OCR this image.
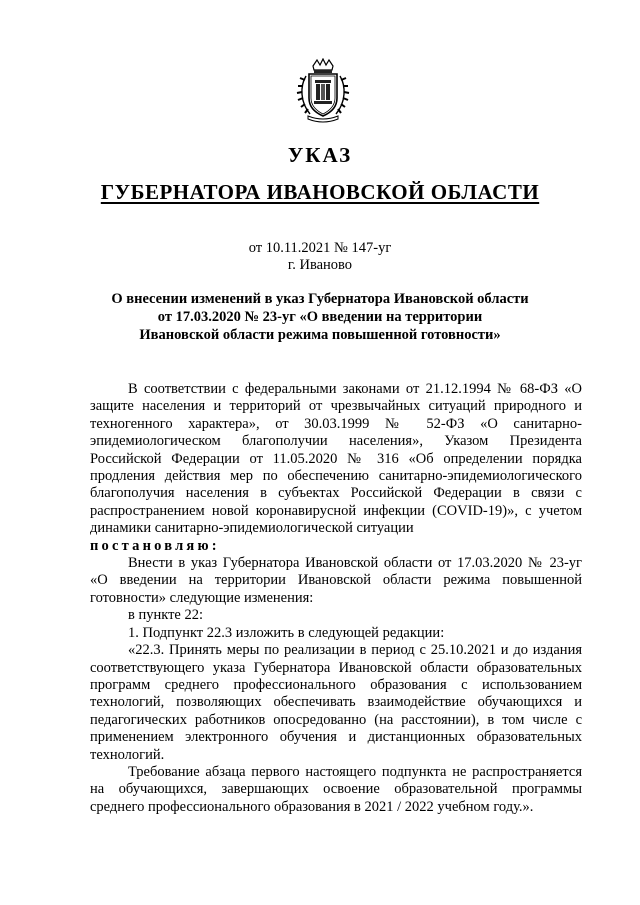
УКАЗ
ГУБЕРНАТОРА ИВАНОВСКОЙ ОБЛАСТИ
от 10.11.2021 № 147-уг
г. Иваново
О внесении изменений в указ Губернатора Ивановской области
от 17.03.2020 № 23-уг «О введении на территории
Ивановской области режима повышенной готовности»

В соответствии с федеральными законами от 21.12.1994 № 68-ФЗ «О защите населения и территорий от чрезвычайных ситуаций природного и техногенного характера», от 30.03.1999 № 52-ФЗ «О санитарно-эпидемиологическом благополучии населения», Указом Президента Российской Федерации от 11.05.2020 № 316 «Об определении порядка продления действия мер по обеспечению санитарно-эпидемиологического благополучия населения в субъектах Российской Федерации в связи с распространением новой коронавирусной инфекции (COVID-19)», с учетом динамики санитарно-эпидемиологической ситуации

постановляю:

Внести в указ Губернатора Ивановской области от 17.03.2020 № 23-уг «О введении на территории Ивановской области режима повышенной готовности» следующие изменения:

в пункте 22:

1. Подпункт 22.3 изложить в следующей редакции:

«22.3. Принять меры по реализации в период с 25.10.2021 и до издания соответствующего указа Губернатора Ивановской области образовательных программ среднего профессионального образования с использованием технологий, позволяющих обеспечивать взаимодействие обучающихся и педагогических работников опосредованно (на расстоянии), в том числе с применением электронного обучения и дистанционных образовательных технологий.

Требование абзаца первого настоящего подпункта не распространяется на обучающихся, завершающих освоение образовательной программы среднего профессионального образования в 2021 / 2022 учебном году.».
